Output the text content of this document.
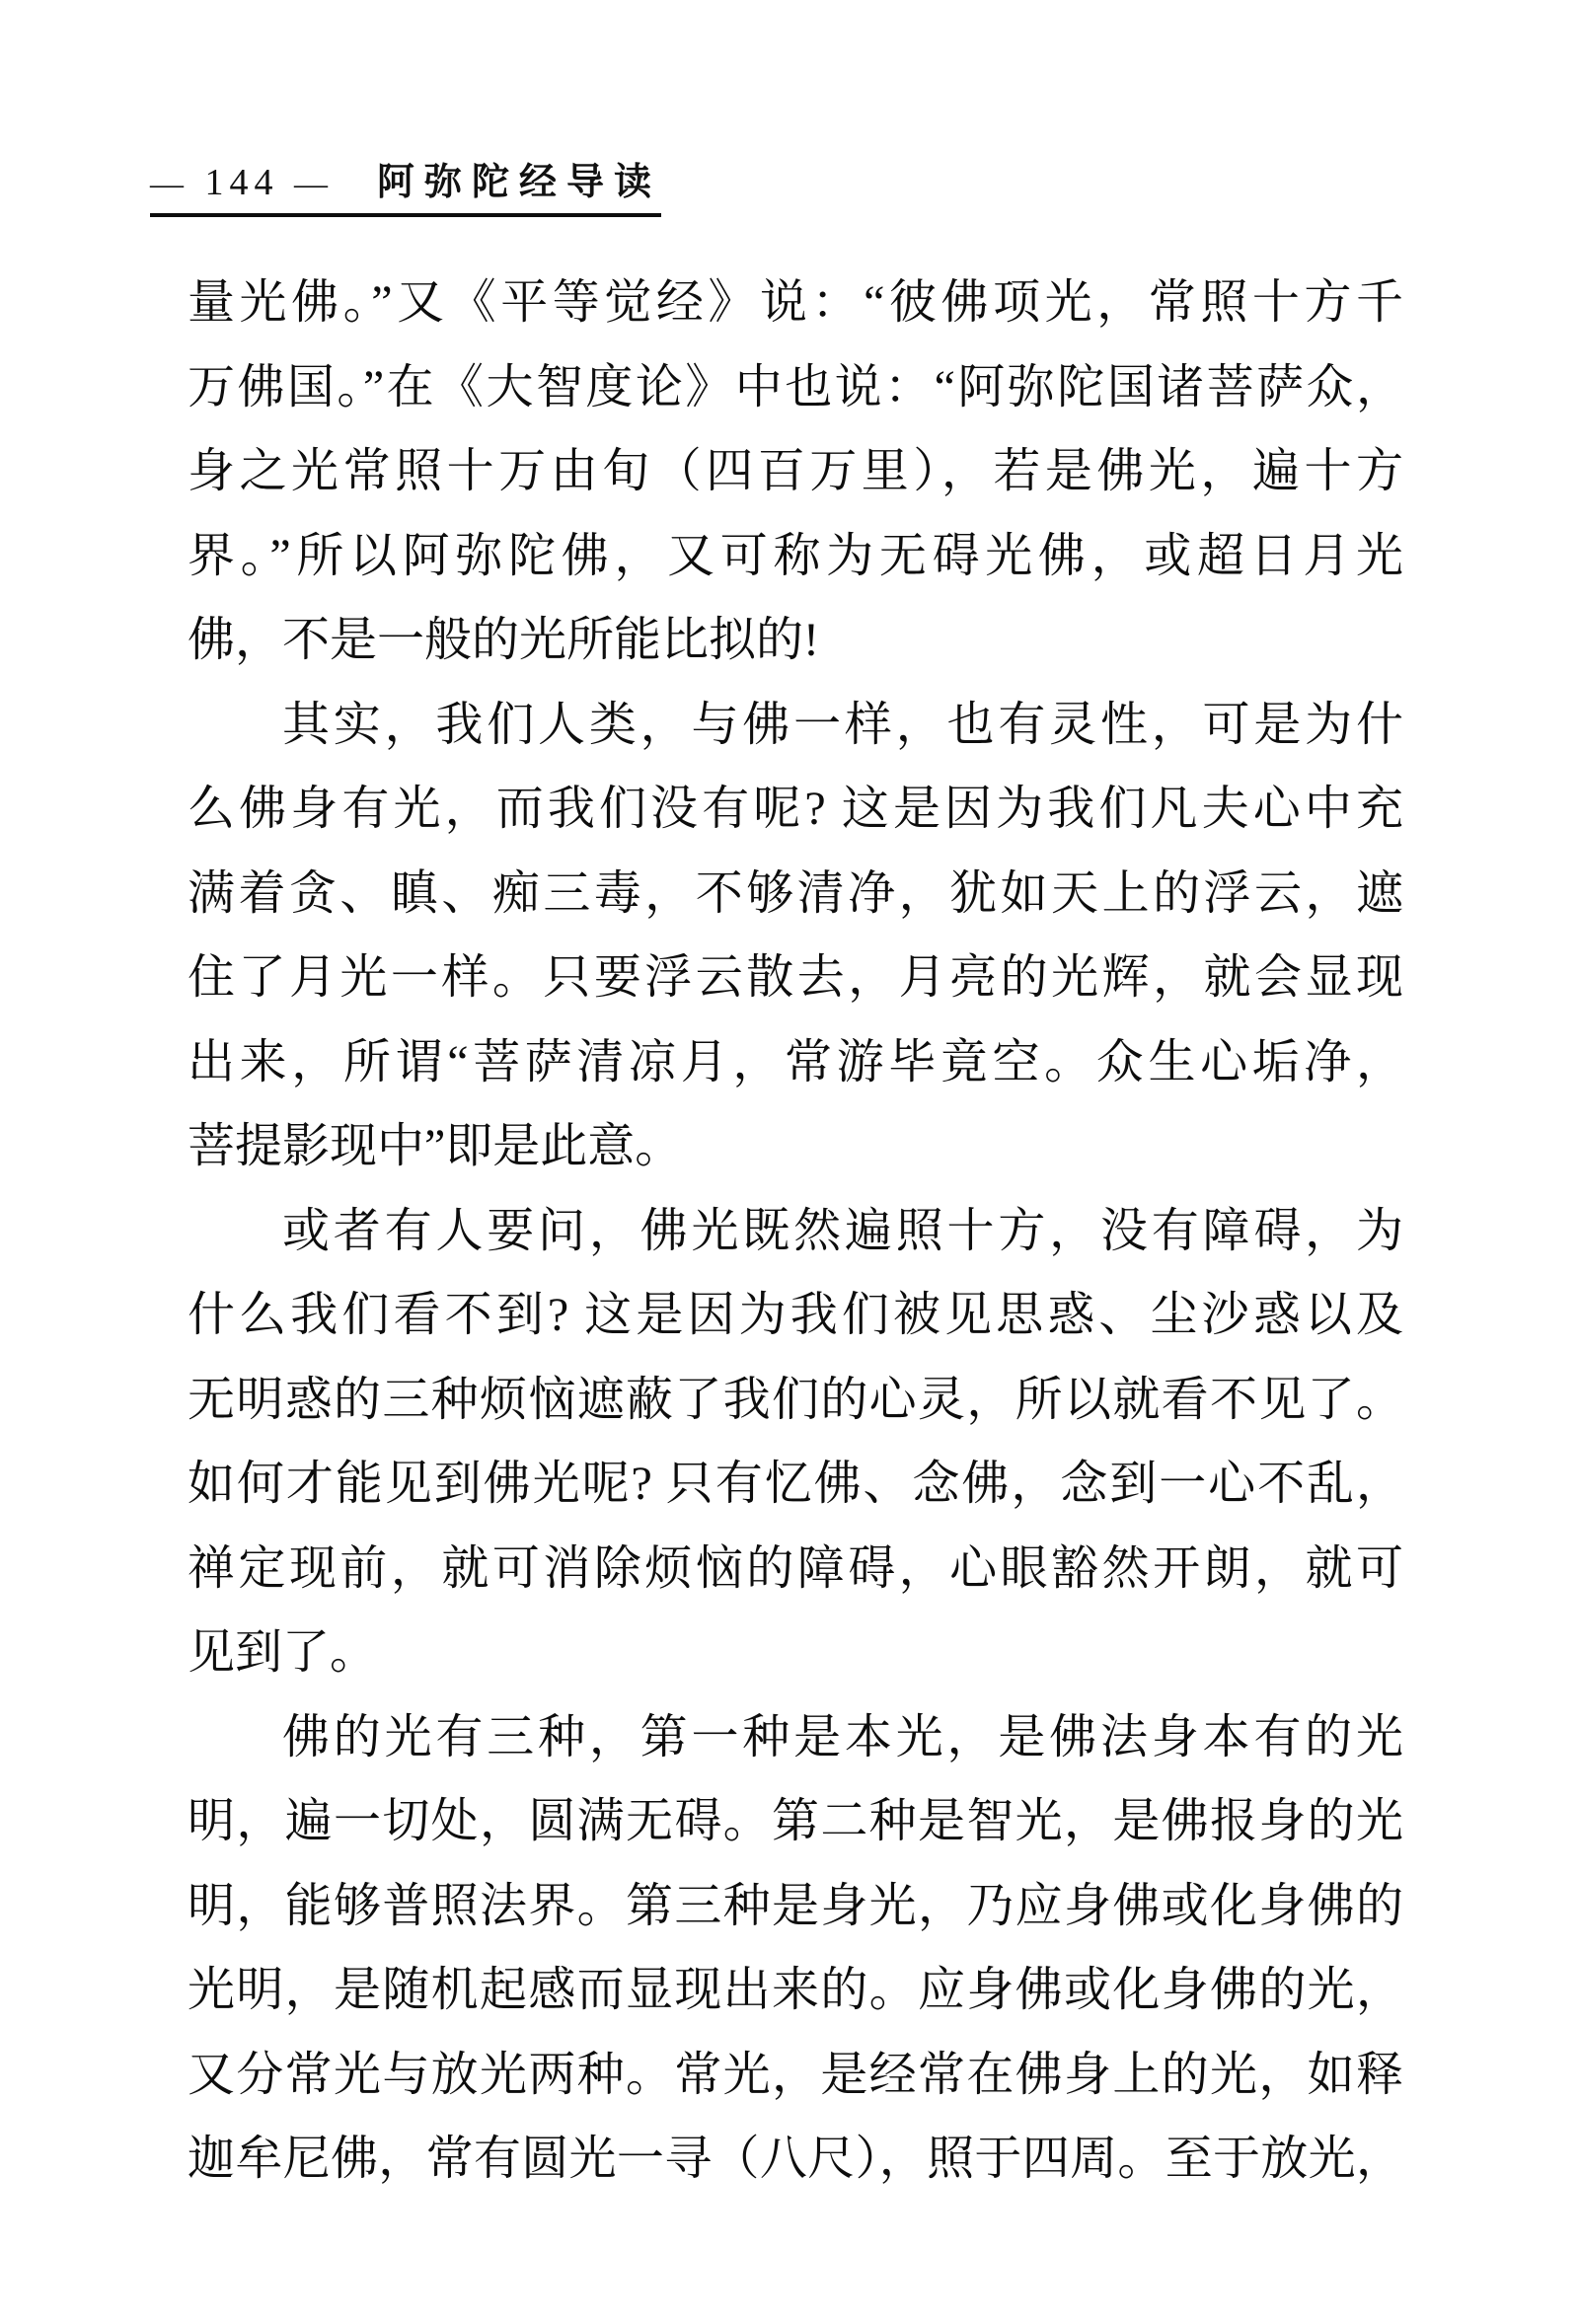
— 144 — 阿弥陀经导读
量光佛。”又《平等觉经》说：“彼佛项光，常照十方千
万佛国。”在《大智度论》中也说：“阿弥陀国诸菩萨众，
身之光常照十万由旬（四百万里），若是佛光，遍十方
界。”所以阿弥陀佛，又可称为无碍光佛，或超日月光
佛，不是一般的光所能比拟的!
其实，我们人类，与佛一样，也有灵性，可是为什
么佛身有光，而我们没有呢? 这是因为我们凡夫心中充
满着贪、瞋、痴三毒，不够清净，犹如天上的浮云，遮
住了月光一样。只要浮云散去，月亮的光辉，就会显现
出来，所谓“菩萨清凉月，常游毕竟空。众生心垢净，
菩提影现中”即是此意。
或者有人要问，佛光既然遍照十方，没有障碍，为
什么我们看不到? 这是因为我们被见思惑、尘沙惑以及
无明惑的三种烦恼遮蔽了我们的心灵，所以就看不见了。
如何才能见到佛光呢? 只有忆佛、念佛，念到一心不乱，
禅定现前，就可消除烦恼的障碍，心眼豁然开朗，就可
见到了。
佛的光有三种，第一种是本光，是佛法身本有的光
明，遍一切处，圆满无碍。第二种是智光，是佛报身的光
明，能够普照法界。第三种是身光，乃应身佛或化身佛的
光明，是随机起感而显现出来的。应身佛或化身佛的光，
又分常光与放光两种。常光，是经常在佛身上的光，如释
迦牟尼佛，常有圆光一寻（八尺），照于四周。至于放光，
